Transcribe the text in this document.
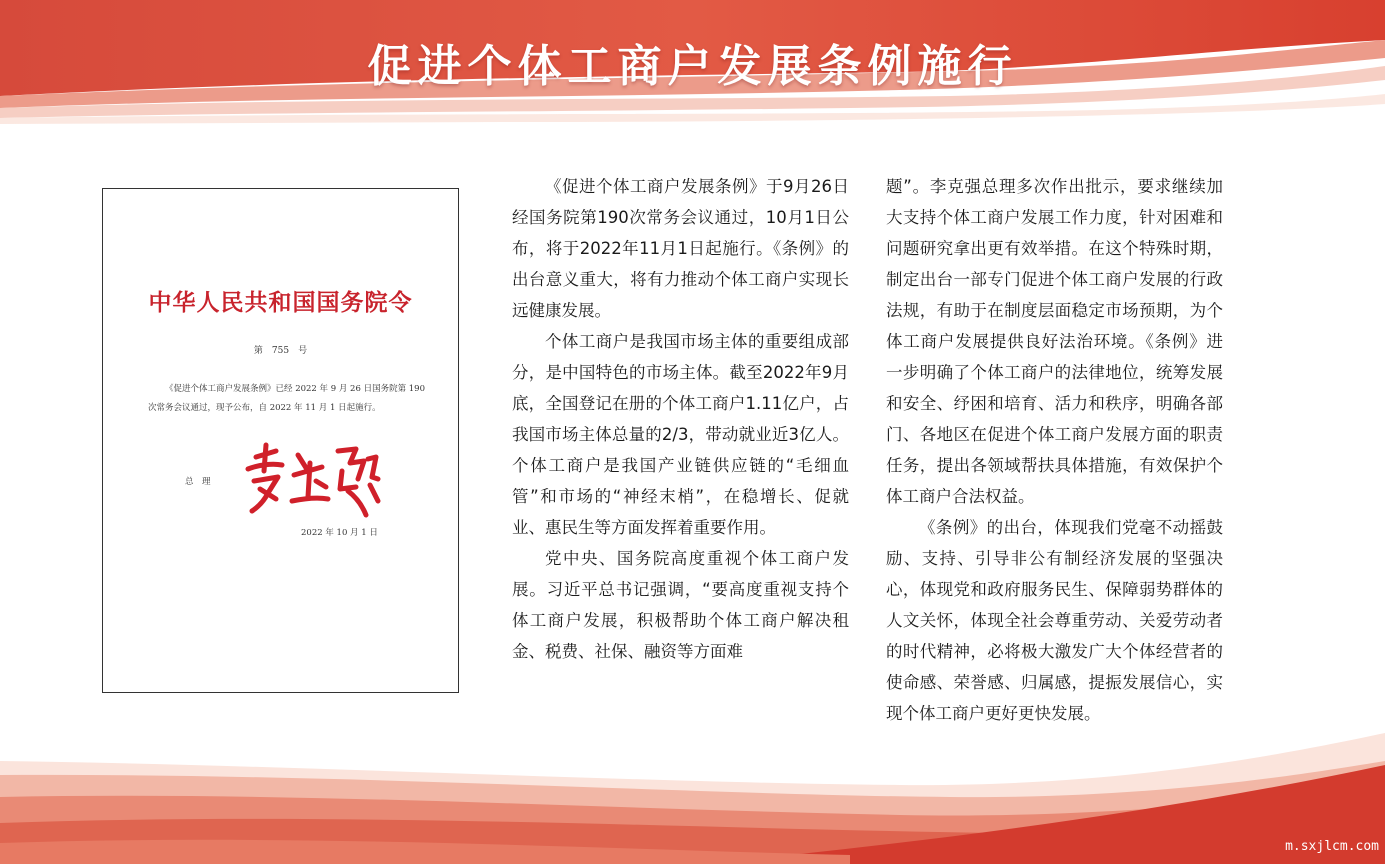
促进个体工商户发展条例施行
中华人民共和国国务院令
第　755　号
《促进个体工商户发展条例》已经 2022 年 9 月 26 日国务院第 190 次常务会议通过，现予公布，自 2022 年 11 月 1 日起施行。
总　理
2022 年 10 月 1 日

《促进个体工商户发展条例》于9月26日经国务院第190次常务会议通过，10月1日公布，将于2022年11月1日起施行。《条例》的出台意义重大，将有力推动个体工商户实现长远健康发展。

个体工商户是我国市场主体的重要组成部分，是中国特色的市场主体。截至2022年9月底，全国登记在册的个体工商户1.11亿户，占我国市场主体总量的2/3，带动就业近3亿人。个体工商户是我国产业链供应链的“毛细血管”和市场的“神经末梢”，在稳增长、促就业、惠民生等方面发挥着重要作用。

党中央、国务院高度重视个体工商户发展。习近平总书记强调，“要高度重视支持个体工商户发展，积极帮助个体工商户解决租金、税费、社保、融资等方面难

题”。李克强总理多次作出批示，要求继续加大支持个体工商户发展工作力度，针对困难和问题研究拿出更有效举措。在这个特殊时期，制定出台一部专门促进个体工商户发展的行政法规，有助于在制度层面稳定市场预期，为个体工商户发展提供良好法治环境。《条例》进一步明确了个体工商户的法律地位，统筹发展和安全、纾困和培育、活力和秩序，明确各部门、各地区在促进个体工商户发展方面的职责任务，提出各领域帮扶具体措施，有效保护个体工商户合法权益。

《条例》的出台，体现我们党毫不动摇鼓励、支持、引导非公有制经济发展的坚强决心，体现党和政府服务民生、保障弱势群体的人文关怀，体现全社会尊重劳动、关爱劳动者的时代精神，必将极大激发广大个体经营者的使命感、荣誉感、归属感，提振发展信心，实现个体工商户更好更快发展。

m.sxjlcm.com
